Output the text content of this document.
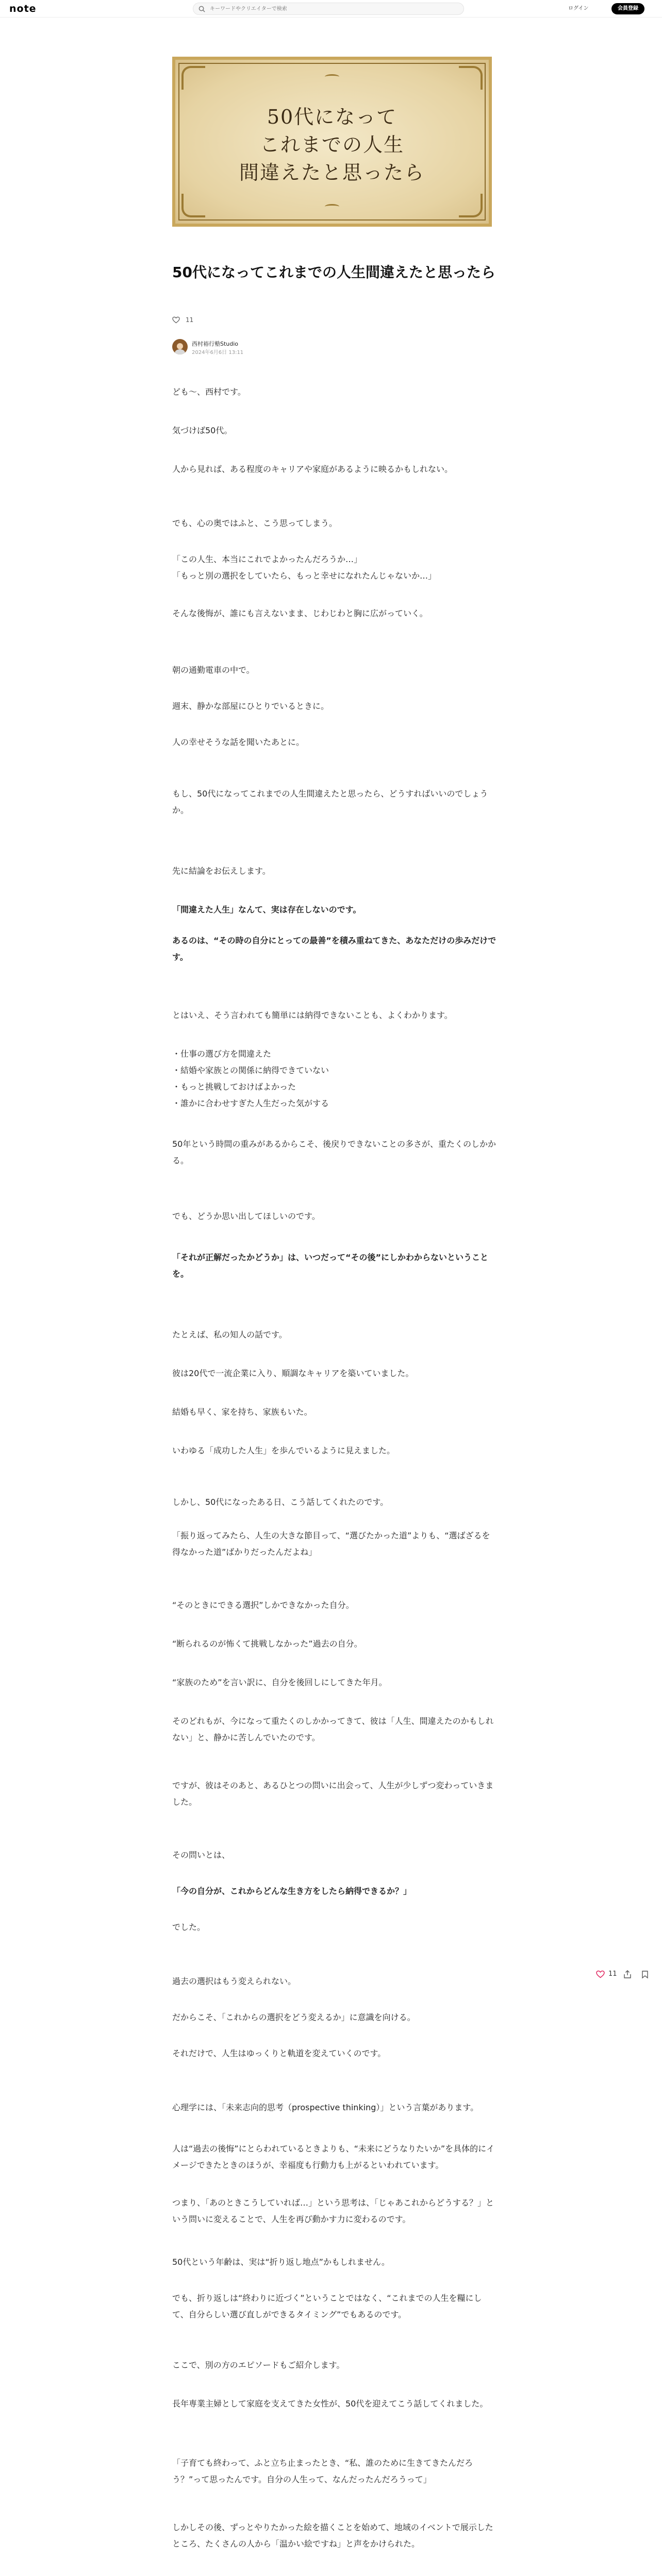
note
キーワードやクリエイターで検索	ログイン	会員登録
50代になって
これまでの人生
間違えたと思ったら
50代になってこれまでの人生間違えたと思ったら
11
西村裕行塾Studio
2024年6月6日 13:11
ども～、西村です。
気づけば50代。
人から見れば、ある程度のキャリアや家庭があるように映るかもしれない。
でも、心の奥ではふと、こう思ってしまう。
「この人生、本当にこれでよかったんだろうか…」
「もっと別の選択をしていたら、もっと幸せになれたんじゃないか…」
そんな後悔が、誰にも言えないまま、じわじわと胸に広がっていく。
朝の通勤電車の中で。
週末、静かな部屋にひとりでいるときに。
人の幸せそうな話を聞いたあとに。
もし、50代になってこれまでの人生間違えたと思ったら、どうすればいいのでしょうか。
先に結論をお伝えします。
「間違えた人生」なんて、実は存在しないのです。
あるのは、“その時の自分にとっての最善”を積み重ねてきた、あなただけの歩みだけです。
とはいえ、そう言われても簡単には納得できないことも、よくわかります。
・仕事の選び方を間違えた
・結婚や家族との関係に納得できていない
・もっと挑戦しておけばよかった
・誰かに合わせすぎた人生だった気がする
50年という時間の重みがあるからこそ、後戻りできないことの多さが、重たくのしかかる。
でも、どうか思い出してほしいのです。
「それが正解だったかどうか」は、いつだって“その後”にしかわからないということを。
たとえば、私の知人の話です。
彼は20代で一流企業に入り、順調なキャリアを築いていました。
結婚も早く、家を持ち、家族もいた。
いわゆる「成功した人生」を歩んでいるように見えました。
しかし、50代になったある日、こう話してくれたのです。
「振り返ってみたら、人生の大きな節目って、“選びたかった道”よりも、“選ばざるを得なかった道”ばかりだったんだよね」
“そのときにできる選択”しかできなかった自分。
“断られるのが怖くて挑戦しなかった”過去の自分。
“家族のため”を言い訳に、自分を後回しにしてきた年月。
そのどれもが、今になって重たくのしかかってきて、彼は「人生、間違えたのかもしれない」と、静かに苦しんでいたのです。
ですが、彼はそのあと、あるひとつの問いに出会って、人生が少しずつ変わっていきました。
その問いとは、
「今の自分が、これからどんな生き方をしたら納得できるか？」
でした。
過去の選択はもう変えられない。
だからこそ、「これからの選択をどう変えるか」に意識を向ける。
それだけで、人生はゆっくりと軌道を変えていくのです。
心理学には、「未来志向的思考（prospective thinking）」という言葉があります。
人は“過去の後悔”にとらわれているときよりも、“未来にどうなりたいか”を具体的にイメージできたときのほうが、幸福度も行動力も上がるといわれています。
つまり、「あのときこうしていれば…」という思考は、「じゃあこれからどうする？」という問いに変えることで、人生を再び動かす力に変わるのです。
50代という年齢は、実は“折り返し地点”かもしれません。
でも、折り返しは“終わりに近づく”ということではなく、“これまでの人生を糧にして、自分らしい選び直しができるタイミング”でもあるのです。
ここで、別の方のエピソードもご紹介します。
長年専業主婦として家庭を支えてきた女性が、50代を迎えてこう話してくれました。
「子育ても終わって、ふと立ち止まったとき、“私、誰のために生きてきたんだろう？”って思ったんです。自分の人生って、なんだったんだろうって」
しかしその後、ずっとやりたかった絵を描くことを始めて、地域のイベントで展示したところ、たくさんの人から「温かい絵ですね」と声をかけられた。
11
